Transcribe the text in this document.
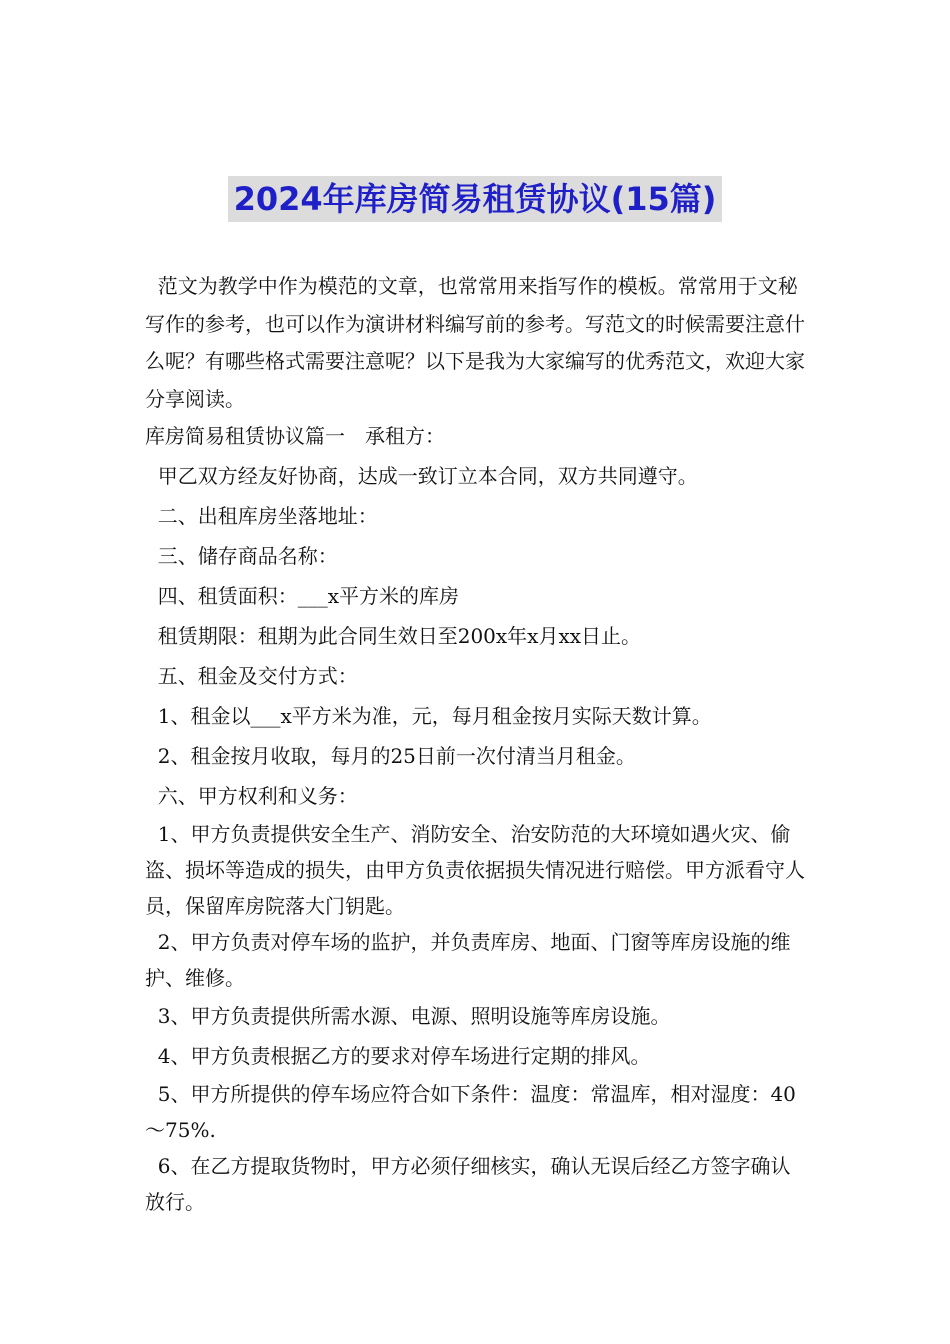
2024年库房简易租赁协议(15篇)

范文为教学中作为模范的文章，也常常用来指写作的模板。常常用于文秘写作的参考，也可以作为演讲材料编写前的参考。写范文的时候需要注意什么呢？有哪些格式需要注意呢？以下是我为大家编写的优秀范文，欢迎大家分享阅读。

库房简易租赁协议篇一　承租方：

甲乙双方经友好协商，达成一致订立本合同，双方共同遵守。

二、出租库房坐落地址：

三、储存商品名称：

四、租赁面积：___x平方米的库房

租赁期限：租期为此合同生效日至200x年x月xx日止。

五、租金及交付方式：

1、租金以___x平方米为准，元，每月租金按月实际天数计算。

2、租金按月收取，每月的25日前一次付清当月租金。

六、甲方权利和义务：

1、甲方负责提供安全生产、消防安全、治安防范的大环境如遇火灾、偷盗、损坏等造成的损失，由甲方负责依据损失情况进行赔偿。甲方派看守人员，保留库房院落大门钥匙。

2、甲方负责对停车场的监护，并负责库房、地面、门窗等库房设施的维护、维修。

3、甲方负责提供所需水源、电源、照明设施等库房设施。

4、甲方负责根据乙方的要求对停车场进行定期的排风。

5、甲方所提供的停车场应符合如下条件：温度：常温库，相对湿度：40～75%.

6、在乙方提取货物时，甲方必须仔细核实，确认无误后经乙方签字确认放行。
